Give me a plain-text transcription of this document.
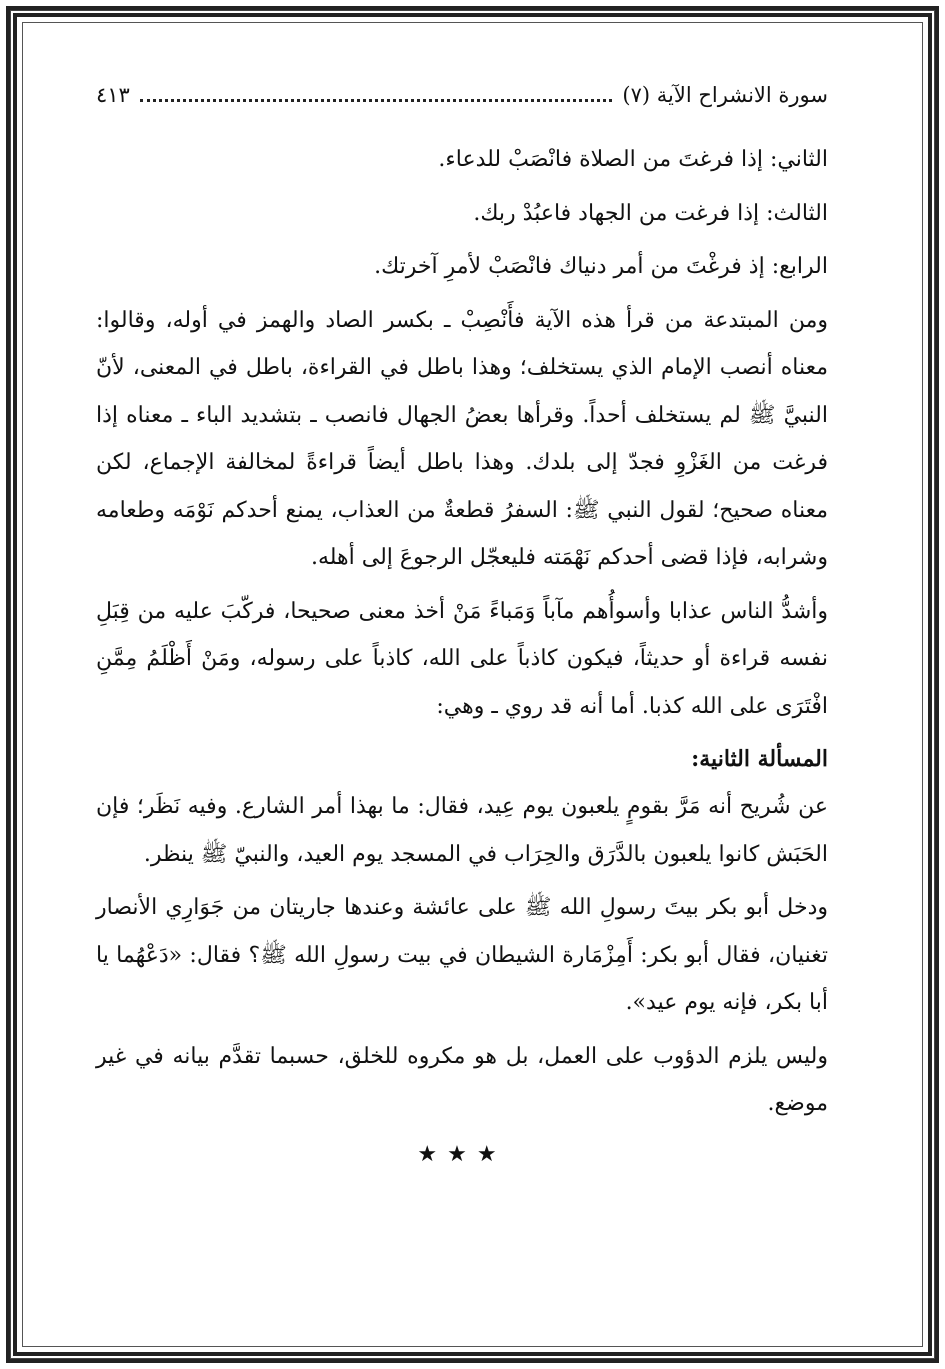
سورة الانشراح الآية (٧)
٤١٣

الثاني: إذا فرغتَ من الصلاة فانْصَبْ للدعاء.

الثالث: إذا فرغت من الجهاد فاعبُدْ ربك.

الرابع: إذ فرغْتَ من أمر دنياك فانْصَبْ لأمرِ آخرتك.

ومن المبتدعة من قرأ هذه الآية فأَنْصِبْ ـ بكسر الصاد والهمز في أوله، وقالوا: معناه أنصب الإمام الذي يستخلف؛ وهذا باطل في القراءة، باطل في المعنى، لأنّ النبيَّ ﷺ لم يستخلف أحداً. وقرأها بعضُ الجهال فانصب ـ بتشديد الباء ـ معناه إذا فرغت من الغَزْوِ فجدّ إلى بلدك. وهذا باطل أيضاً قراءةً لمخالفة الإجماع، لكن معناه صحيح؛ لقول النبي ﷺ: السفرُ قطعةٌ من العذاب، يمنع أحدكم نَوْمَه وطعامه وشرابه، فإذا قضى أحدكم نَهْمَته فليعجّل الرجوعَ إلى أهله.

وأشدُّ الناس عذابا وأسوأُهم مآباً وَمَباءً مَنْ أخذ معنى صحيحا، فركّبَ عليه من قِبَلِ نفسه قراءة أو حديثاً، فيكون كاذباً على الله، كاذباً على رسوله، ومَنْ أَظْلَمُ مِمَّنِ افْتَرَى على الله كذبا. أما أنه قد روي ـ وهي:

المسألة الثانية:

عن شُريح أنه مَرَّ بقومٍ يلعبون يوم عِيد، فقال: ما بهذا أمر الشارع. وفيه نَظَر؛ فإن الحَبَش كانوا يلعبون بالدَّرَق والحِرَاب في المسجد يوم العيد، والنبيّ ﷺ ينظر.

ودخل أبو بكر بيتَ رسولِ الله ﷺ على عائشة وعندها جاريتان من جَوَارِي الأنصار تغنيان، فقال أبو بكر: أَمِزْمَارة الشيطان في بيت رسولِ الله ﷺ؟ فقال: «دَعْهُما يا أبا بكر، فإنه يوم عيد».

وليس يلزم الدؤوب على العمل، بل هو مكروه للخلق، حسبما تقدَّم بيانه في غير موضع.

★★★
